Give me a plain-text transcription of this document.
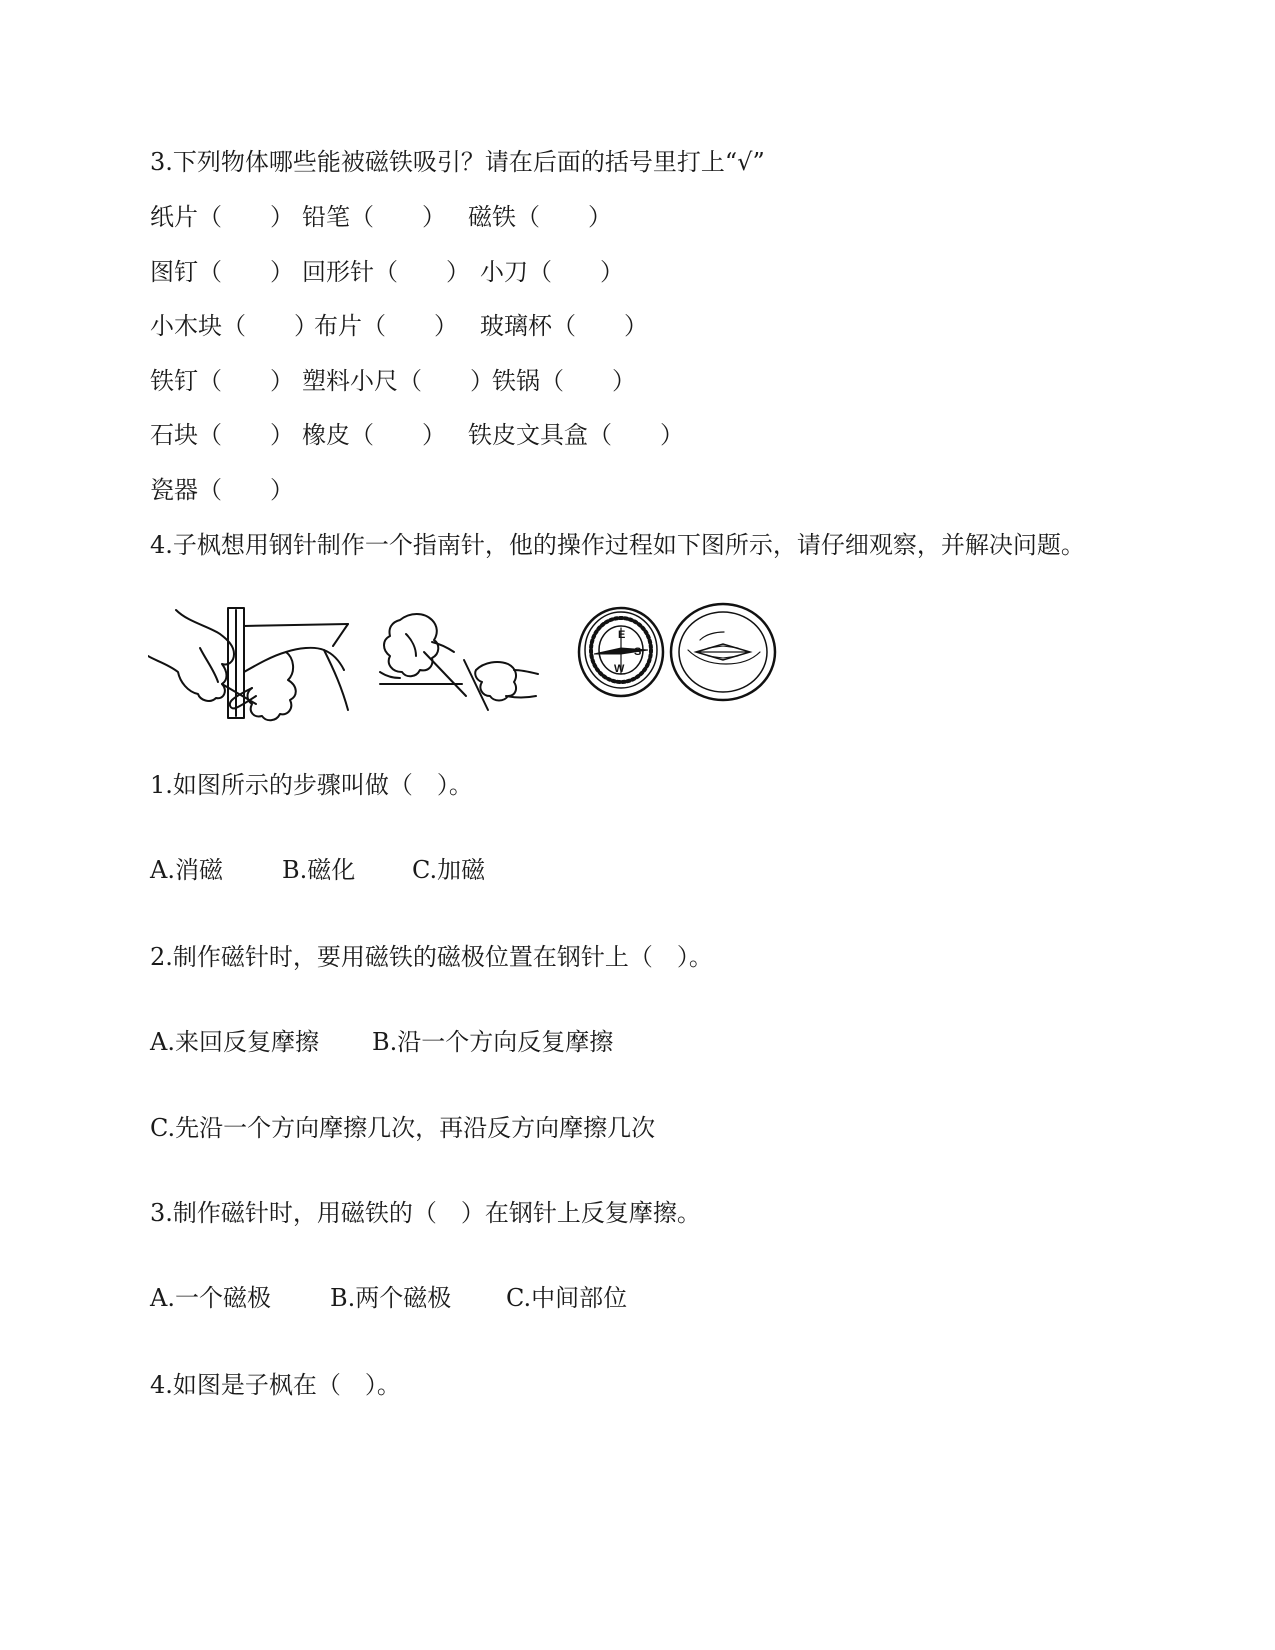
3.下列物体哪些能被磁铁吸引？请在后面的括号里打上“√”
纸片（　　） 铅笔（　　） 磁铁（　　）
图钉（　　） 回形针（　　） 小刀（　　）
小木块（　　）
布片（　　） 玻璃杯（　　）
铁钉（　　） 塑料小尺（　　）
铁锅（　　）
石块（　　） 橡皮（　　） 铁皮文具盒（　　）
瓷器（　　）
4.子枫想用钢针制作一个指南针，他的操作过程如下图所示，请仔细观察，并解决问题。
E
S
W
1.如图所示的步骤叫做（　）。
A.消磁 B.磁化 C.加磁
2.制作磁针时，要用磁铁的磁极位置在钢针上（　）。
A.来回反复摩擦 B.沿一个方向反复摩擦
C.先沿一个方向摩擦几次，再沿反方向摩擦几次
3.制作磁针时，用磁铁的（　）在钢针上反复摩擦。
A.一个磁极 B.两个磁极 C.中间部位
4.如图是子枫在（　）。
